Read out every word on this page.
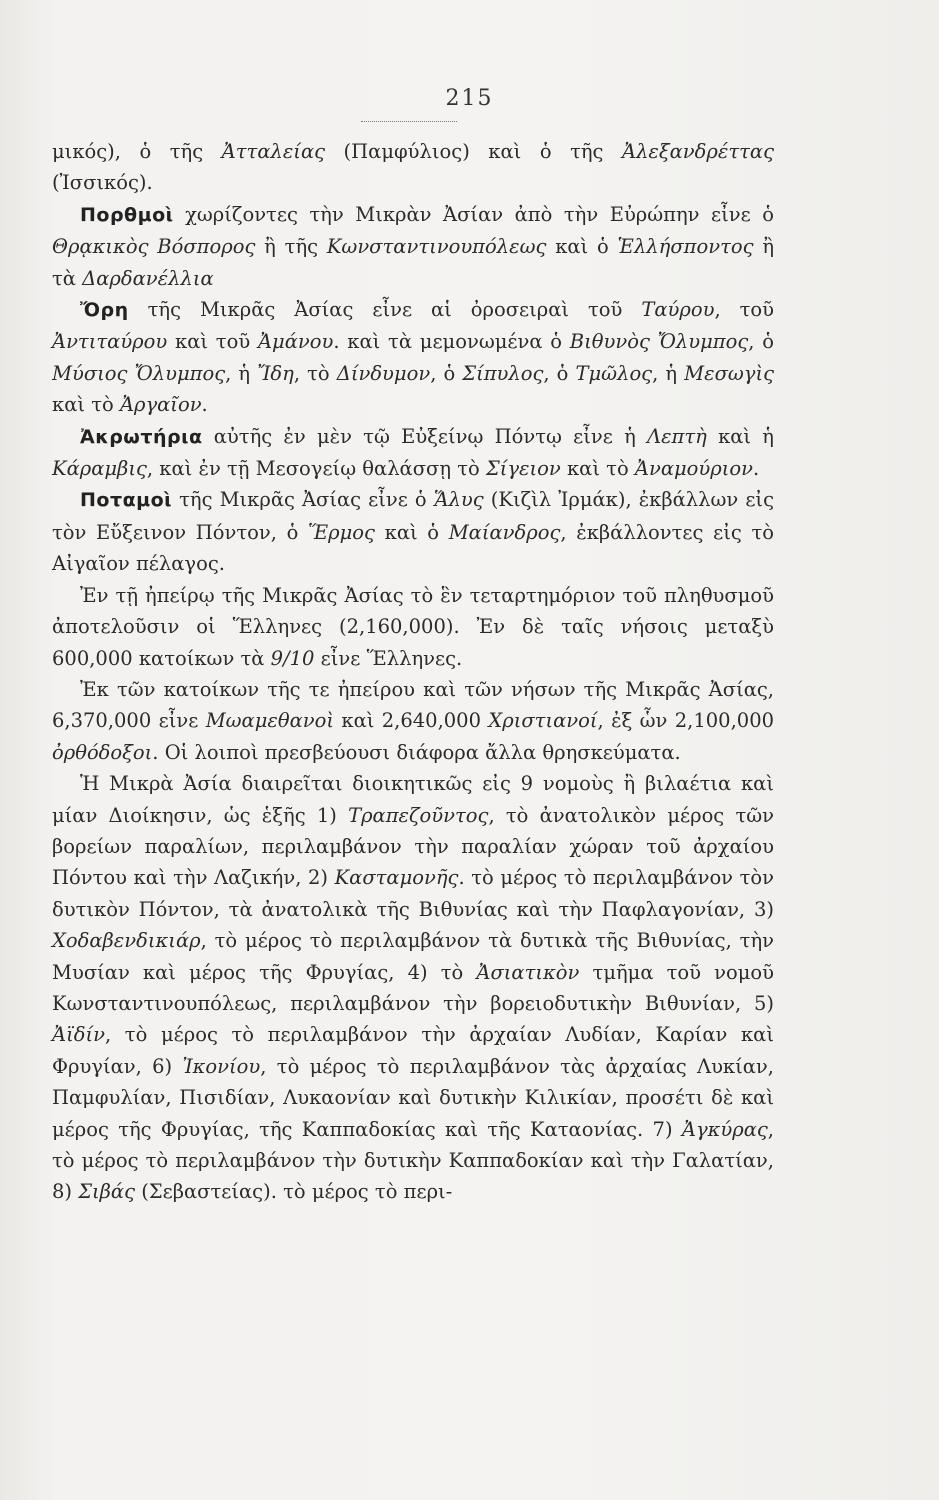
215

μικός), ὁ τῆς Ἀτταλείας (Παμφύλιος) καὶ ὁ τῆς Ἀλεξανδρέττας (Ἰσσικός).

Πορθμοὶ χωρίζοντες τὴν Μικρὰν Ἀσίαν ἀπὸ τὴν Εὐρώπην εἶνε ὁ Θρᾳκικὸς Βόσπορος ἢ τῆς Κωνσταντινουπόλεως καὶ ὁ Ἑλλήσποντος ἢ τὰ Δαρδανέλλια

Ὄρη τῆς Μικρᾶς Ἀσίας εἶνε αἱ ὀροσειραὶ τοῦ Ταύρου, τοῦ Ἀντιταύρου καὶ τοῦ Ἀμάνου. καὶ τὰ μεμονωμένα ὁ Βιθυνὸς Ὄλυμπος, ὁ Μύσιος Ὄλυμπος, ἡ Ἴδη, τὸ Δίνδυμον, ὁ Σίπυλος, ὁ Τμῶλος, ἡ Μεσωγὶς καὶ τὸ Ἀργαῖον.

Ἀκρωτήρια αὐτῆς ἐν μὲν τῷ Εὐξείνῳ Πόντῳ εἶνε ἡ Λεπτὴ καὶ ἡ Κάραμβις, καὶ ἐν τῇ Μεσογείῳ θαλάσσῃ τὸ Σίγειον καὶ τὸ Ἀναμούριον.

Ποταμοὶ τῆς Μικρᾶς Ἀσίας εἶνε ὁ Ἅλυς (Κιζὶλ Ἰρμάκ), ἐκβάλλων εἰς τὸν Εὔξεινον Πόντον, ὁ Ἕρμος καὶ ὁ Μαίανδρος, ἐκβάλλοντες εἰς τὸ Αἰγαῖον πέλαγος.

Ἐν τῇ ἠπείρῳ τῆς Μικρᾶς Ἀσίας τὸ ἓν τεταρτημόριον τοῦ πληθυσμοῦ ἀποτελοῦσιν οἱ Ἕλληνες (2,160,000). Ἐν δὲ ταῖς νήσοις μεταξὺ 600,000 κατοίκων τὰ 9/10 εἶνε Ἕλληνες.

Ἐκ τῶν κατοίκων τῆς τε ἠπείρου καὶ τῶν νήσων τῆς Μικρᾶς Ἀσίας, 6,370,000 εἶνε Μωαμεθανοὶ καὶ 2,640,000 Χριστιανοί, ἐξ ὧν 2,100,000 ὀρθόδοξοι. Οἱ λοιποὶ πρεσβεύουσι διάφορα ἄλλα θρησκεύματα.

Ἡ Μικρὰ Ἀσία διαιρεῖται διοικητικῶς εἰς 9 νομοὺς ἢ βιλαέτια καὶ μίαν Διοίκησιν, ὡς ἑξῆς 1) Τραπεζοῦντος, τὸ ἀνατολικὸν μέρος τῶν βορείων παραλίων, περιλαμβάνον τὴν παραλίαν χώραν τοῦ ἀρχαίου Πόντου καὶ τὴν Λαζικήν, 2) Κασταμονῆς. τὸ μέρος τὸ περιλαμβάνον τὸν δυτικὸν Πόντον, τὰ ἀνατολικὰ τῆς Βιθυνίας καὶ τὴν Παφλαγονίαν, 3) Χοδαβενδικιάρ, τὸ μέρος τὸ περιλαμβάνον τὰ δυτικὰ τῆς Βιθυνίας, τὴν Μυσίαν καὶ μέρος τῆς Φρυγίας, 4) τὸ Ἀσιατικὸν τμῆμα τοῦ νομοῦ Κωνσταντινουπόλεως, περιλαμβάνον τὴν βορειοδυτικὴν Βιθυνίαν, 5) Ἀϊδίν, τὸ μέρος τὸ περιλαμβάνον τὴν ἀρχαίαν Λυδίαν, Καρίαν καὶ Φρυγίαν, 6) Ἰκονίου, τὸ μέρος τὸ περιλαμβάνον τὰς ἀρχαίας Λυκίαν, Παμφυλίαν, Πισιδίαν, Λυκαονίαν καὶ δυτικὴν Κιλικίαν, προσέτι δὲ καὶ μέρος τῆς Φρυγίας, τῆς Καππαδοκίας καὶ τῆς Καταονίας. 7) Ἀγκύρας, τὸ μέρος τὸ περιλαμβάνον τὴν δυτικὴν Καππαδοκίαν καὶ τὴν Γαλατίαν, 8) Σιβάς (Σεβαστείας). τὸ μέρος τὸ περι-
